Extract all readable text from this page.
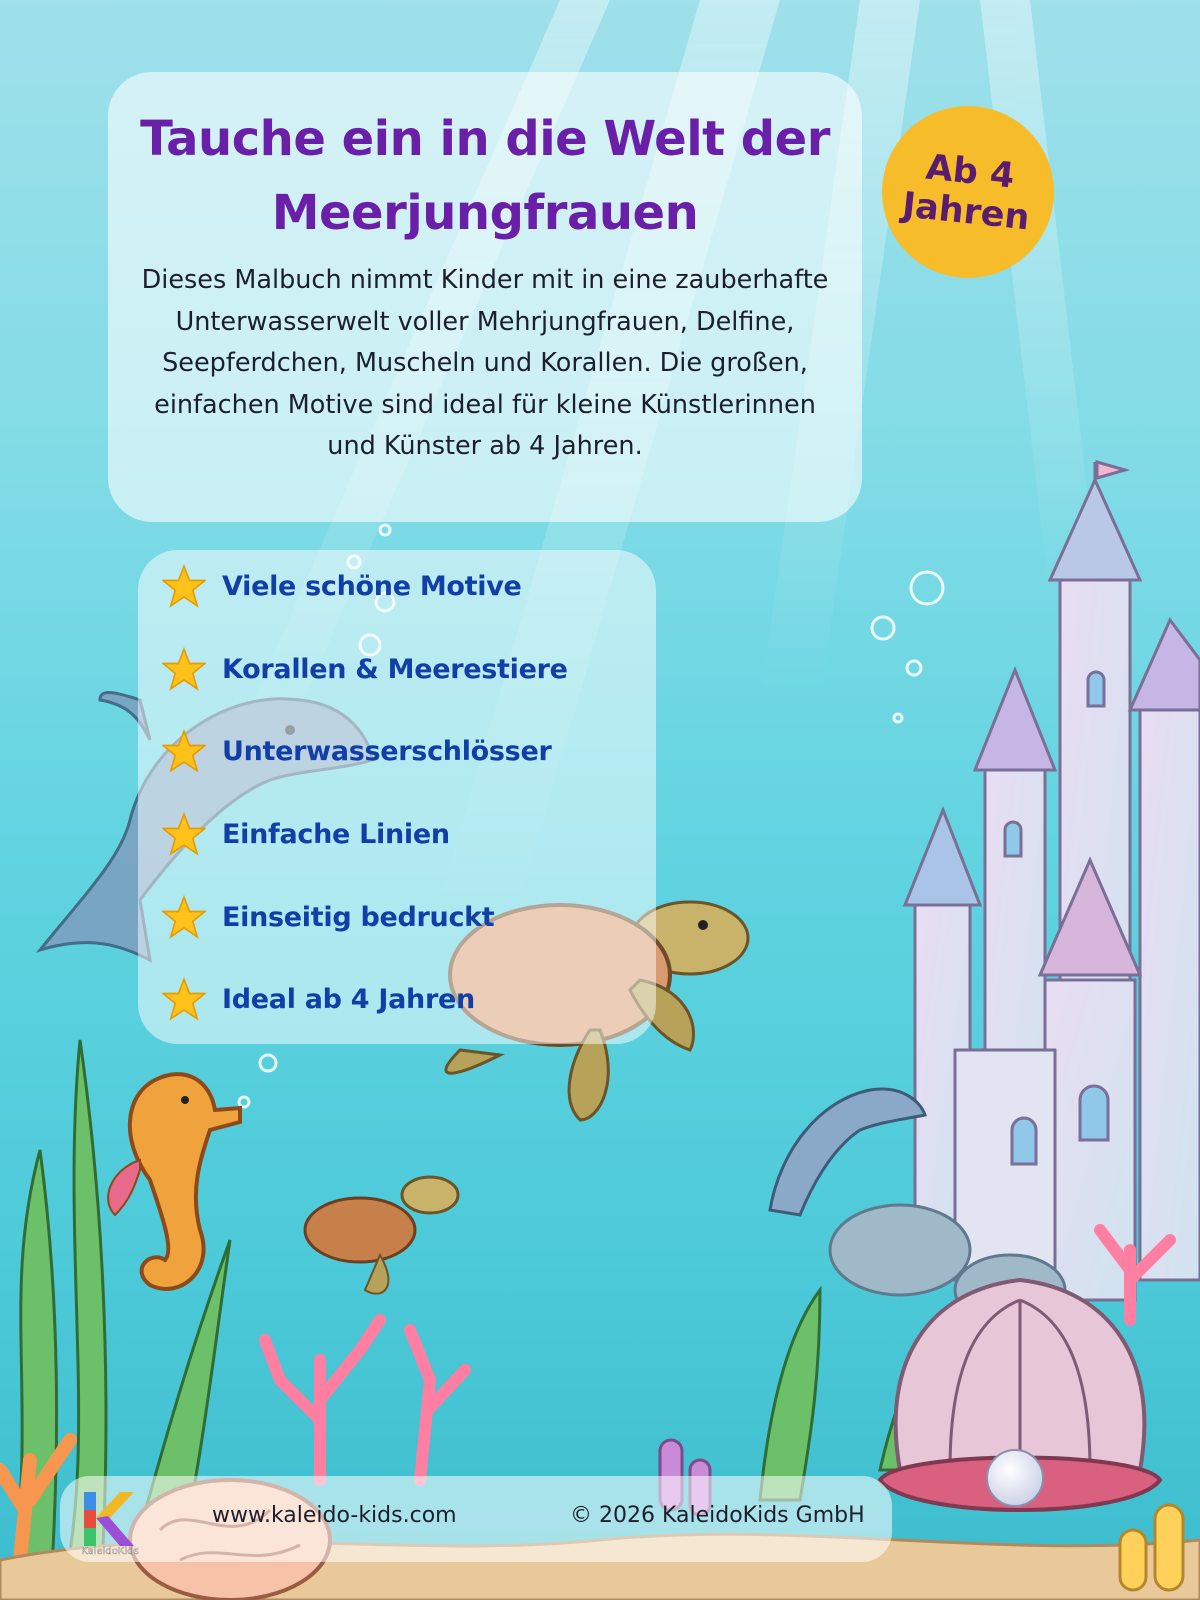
Tauche ein in die Welt der
Meerjungfrauen

Dieses Malbuch nimmt Kinder mit in eine zauberhafte Unterwasserwelt voller Mehrjungfrauen, Delfine, Seepferdchen, Muscheln und Korallen. Die großen, einfachen Motive sind ideal für kleine Künstlerinnen und Künster ab 4 Jahren.

Ab 4
Jahren
Viele schöne Motive
Korallen & Meerestiere
Unterwasserschlösser
Einfache Linien
Einseitig bedruckt
Ideal ab 4 Jahren
K
KaleidoKids
www.kaleido-kids.com	© 2026 KaleidoKids GmbH
